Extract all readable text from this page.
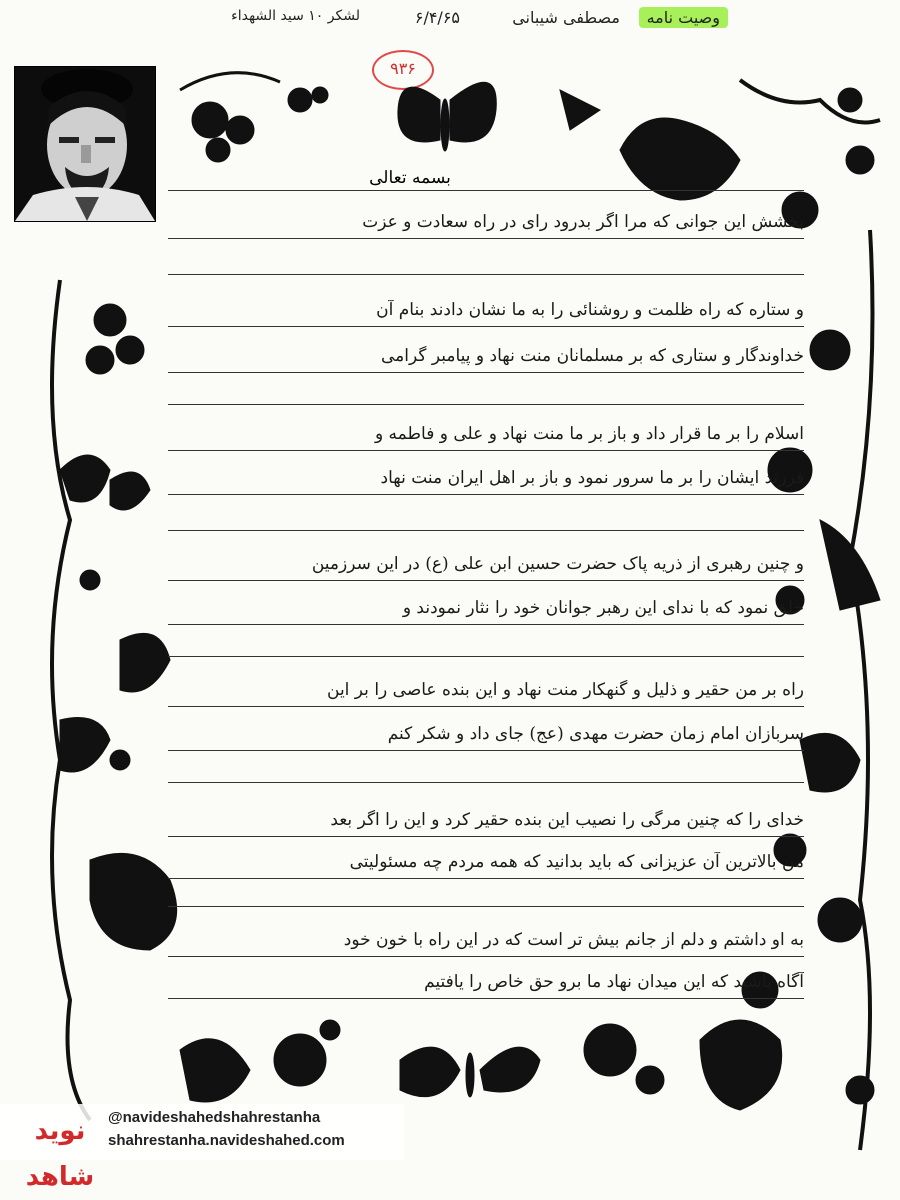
وصیت نامه
مصطفی شیبانی
۶/۴/۶۵
لشکر ۱۰ سید الشهداء
۹۳۶
بسمه تعالی
بخشش این جوانی که مرا اگر بدرود رای در راه سعادت و عزت
و ستاره که راه ظلمت و روشنائی را به ما نشان دادند بنام آن
خداوندگار و ستاری که بر مسلمانان منت نهاد و پیامبر گرامی
اسلام را بر ما قرار داد و باز بر ما منت نهاد و علی و فاطمه و
فرزند ایشان را بر ما سرور نمود و باز بر اهل ایران منت نهاد
و چنین رهبری از ذریه پاک حضرت حسین ابن علی (ع) در این سرزمین
خلق نمود که با ندای این رهبر جوانان خود را نثار نمودند و
راه بر من حقیر و ذلیل و گنهکار منت نهاد و این بنده عاصی را بر این
سربازان امام زمان حضرت مهدی (عج) جای داد و شکر کنم
خدای را که چنین مرگی را نصیب این بنده حقیر کرد و این را اگر بعد
من بالاترین آن عزیزانی که باید بدانید که همه مردم چه مسئولیتی
به او داشتم و دلم از جانم بیش تر است که در این راه با خون خود
آگاه باشید که این میدان نهاد ما برو حق خاص را یافتیم
نوید شاهد
@navideshahedshahrestanha
shahrestanha.navideshahed.com
